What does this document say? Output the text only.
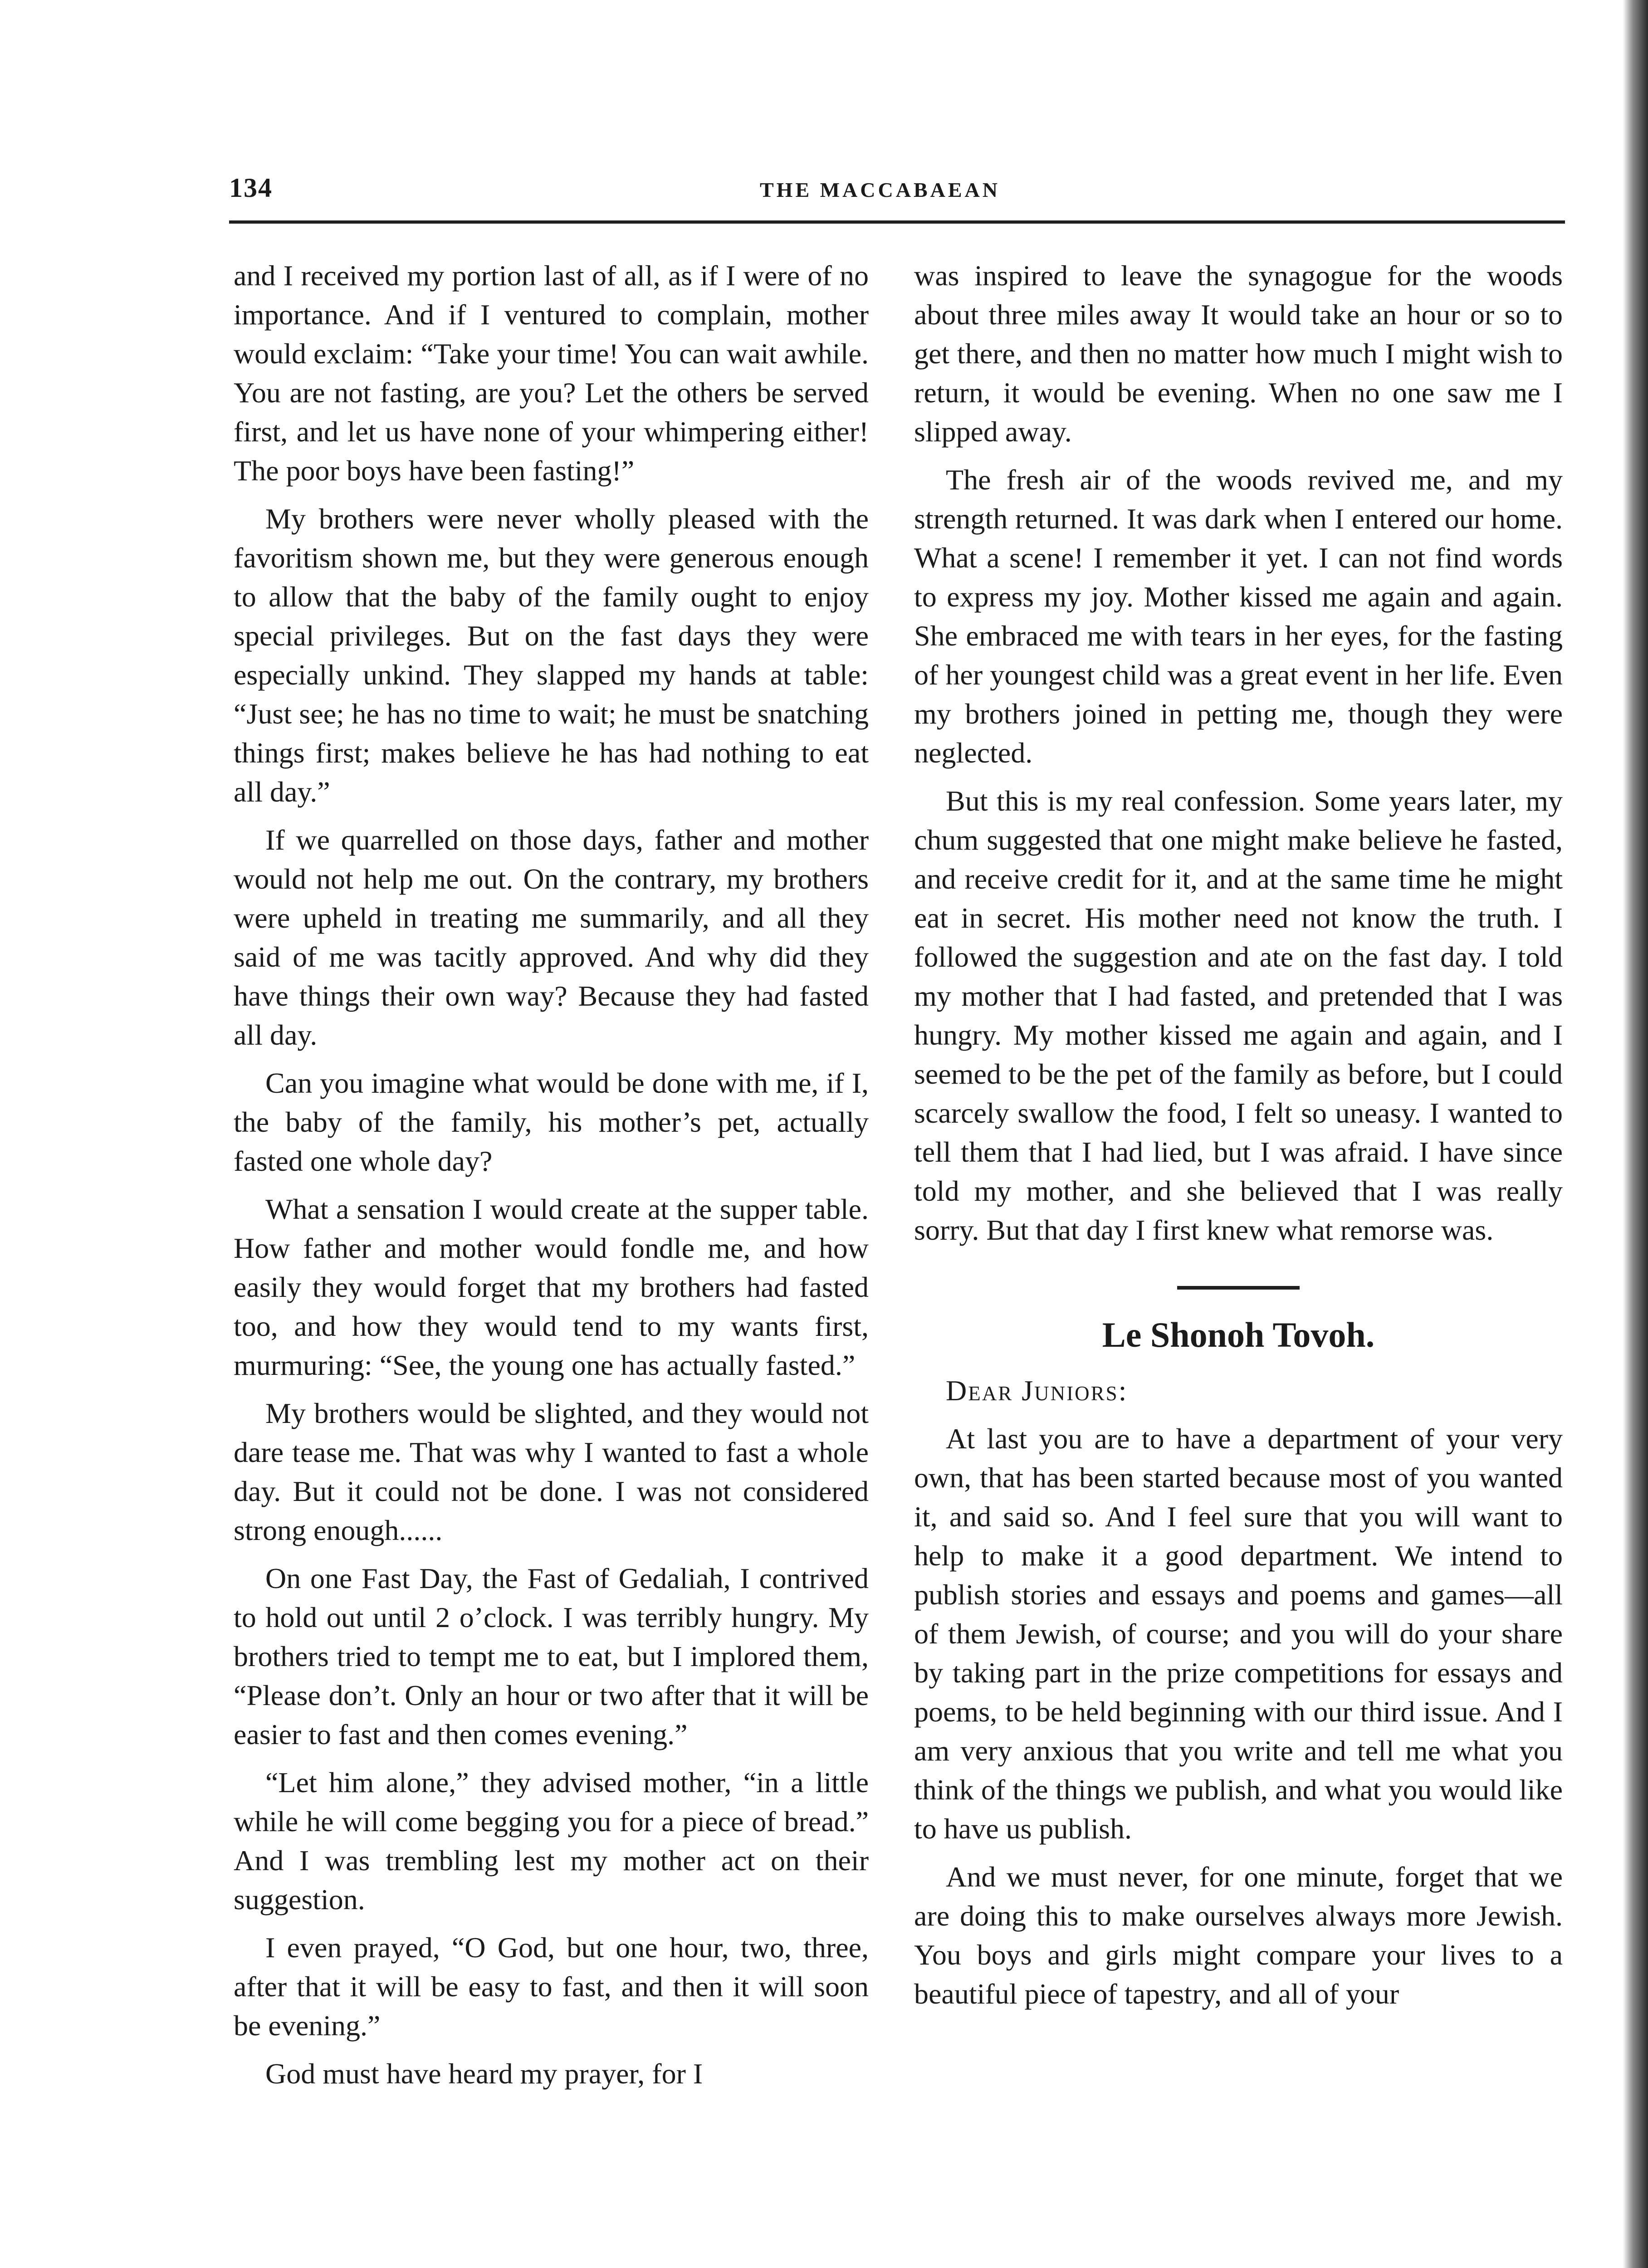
134	THE MACCABAEAN

and I received my portion last of all, as if I were of no importance. And if I ventured to complain, mother would exclaim: “Take your time! You can wait awhile. You are not fasting, are you? Let the others be served first, and let us have none of your whimpering either! The poor boys have been fasting!”

My brothers were never wholly pleased with the favoritism shown me, but they were generous enough to allow that the baby of the family ought to enjoy special privileges. But on the fast days they were especially unkind. They slapped my hands at table: “Just see; he has no time to wait; he must be snatching things first; makes believe he has had nothing to eat all day.”

If we quarrelled on those days, father and mother would not help me out. On the contrary, my brothers were upheld in treating me summarily, and all they said of me was tacitly approved. And why did they have things their own way? Because they had fasted all day.

Can you imagine what would be done with me, if I, the baby of the family, his mother’s pet, actually fasted one whole day?

What a sensation I would create at the supper table. How father and mother would fondle me, and how easily they would forget that my brothers had fasted too, and how they would tend to my wants first, murmuring: “See, the young one has actually fasted.”

My brothers would be slighted, and they would not dare tease me. That was why I wanted to fast a whole day. But it could not be done. I was not considered strong enough......

On one Fast Day, the Fast of Gedaliah, I contrived to hold out until 2 o’clock. I was terribly hungry. My brothers tried to tempt me to eat, but I implored them, “Please don’t. Only an hour or two after that it will be easier to fast and then comes evening.”

“Let him alone,” they advised mother, “in a little while he will come begging you for a piece of bread.” And I was trembling lest my mother act on their suggestion.

I even prayed, “O God, but one hour, two, three, after that it will be easy to fast, and then it will soon be evening.”

God must have heard my prayer, for I

was inspired to leave the synagogue for the woods about three miles away It would take an hour or so to get there, and then no matter how much I might wish to return, it would be evening. When no one saw me I slipped away.

The fresh air of the woods revived me, and my strength returned. It was dark when I entered our home. What a scene! I remember it yet. I can not find words to express my joy. Mother kissed me again and again. She embraced me with tears in her eyes, for the fasting of her youngest child was a great event in her life. Even my brothers joined in petting me, though they were neglected.

But this is my real confession. Some years later, my chum suggested that one might make believe he fasted, and receive credit for it, and at the same time he might eat in secret. His mother need not know the truth. I followed the suggestion and ate on the fast day. I told my mother that I had fasted, and pretended that I was hungry. My mother kissed me again and again, and I seemed to be the pet of the family as before, but I could scarcely swallow the food, I felt so uneasy. I wanted to tell them that I had lied, but I was afraid. I have since told my mother, and she believed that I was really sorry. But that day I first knew what remorse was.

Le Shonoh Tovoh.

Dear Juniors:

At last you are to have a department of your very own, that has been started because most of you wanted it, and said so. And I feel sure that you will want to help to make it a good department. We intend to publish stories and essays and poems and games—all of them Jewish, of course; and you will do your share by taking part in the prize competitions for essays and poems, to be held beginning with our third issue. And I am very anxious that you write and tell me what you think of the things we publish, and what you would like to have us publish.

And we must never, for one minute, forget that we are doing this to make ourselves always more Jewish. You boys and girls might compare your lives to a beautiful piece of tapestry, and all of your
